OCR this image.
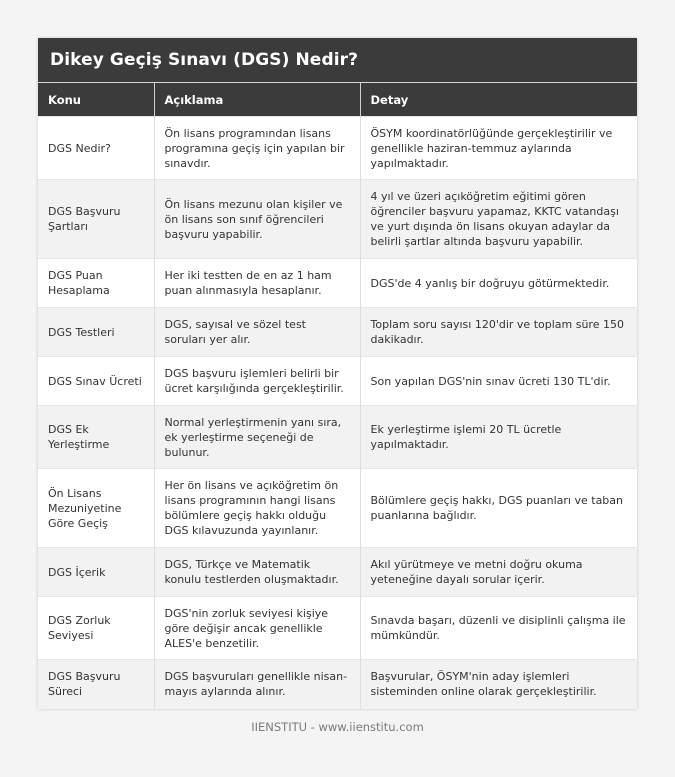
Dikey Geçiş Sınavı (DGS) Nedir?
Konu	Açıklama	Detay
DGS Nedir?	Ön lisans programından lisans programına geçiş için yapılan bir sınavdır.	ÖSYM koordinatörlüğünde gerçekleştirilir ve genellikle haziran-temmuz aylarında yapılmaktadır.
DGS Başvuru Şartları	Ön lisans mezunu olan kişiler ve ön lisans son sınıf öğrencileri başvuru yapabilir.	4 yıl ve üzeri açıköğretim eğitimi gören öğrenciler başvuru yapamaz, KKTC vatandaşı ve yurt dışında ön lisans okuyan adaylar da belirli şartlar altında başvuru yapabilir.
DGS Puan Hesaplama	Her iki testten de en az 1 ham puan alınmasıyla hesaplanır.	DGS'de 4 yanlış bir doğruyu götürmektedir.
DGS Testleri	DGS, sayısal ve sözel test soruları yer alır.	Toplam soru sayısı 120'dir ve toplam süre 150 dakikadır.
DGS Sınav Ücreti	DGS başvuru işlemleri belirli bir ücret karşılığında gerçekleştirilir.	Son yapılan DGS'nin sınav ücreti 130 TL'dir.
DGS Ek Yerleştirme	Normal yerleştirmenin yanı sıra, ek yerleştirme seçeneği de bulunur.	Ek yerleştirme işlemi 20 TL ücretle yapılmaktadır.
Ön Lisans Mezuniyetine Göre Geçiş	Her ön lisans ve açıköğretim ön lisans programının hangi lisans bölümlere geçiş hakkı olduğu DGS kılavuzunda yayınlanır.	Bölümlere geçiş hakkı, DGS puanları ve taban puanlarına bağlıdır.
DGS İçerik	DGS, Türkçe ve Matematik konulu testlerden oluşmaktadır.	Akıl yürütmeye ve metni doğru okuma yeteneğine dayalı sorular içerir.
DGS Zorluk Seviyesi	DGS'nin zorluk seviyesi kişiye göre değişir ancak genellikle ALES'e benzetilir.	Sınavda başarı, düzenli ve disiplinli çalışma ile mümkündür.
DGS Başvuru Süreci	DGS başvuruları genellikle nisan-mayıs aylarında alınır.	Başvurular, ÖSYM'nin aday işlemleri sisteminden online olarak gerçekleştirilir.
IIENSTITU - www.iienstitu.com
